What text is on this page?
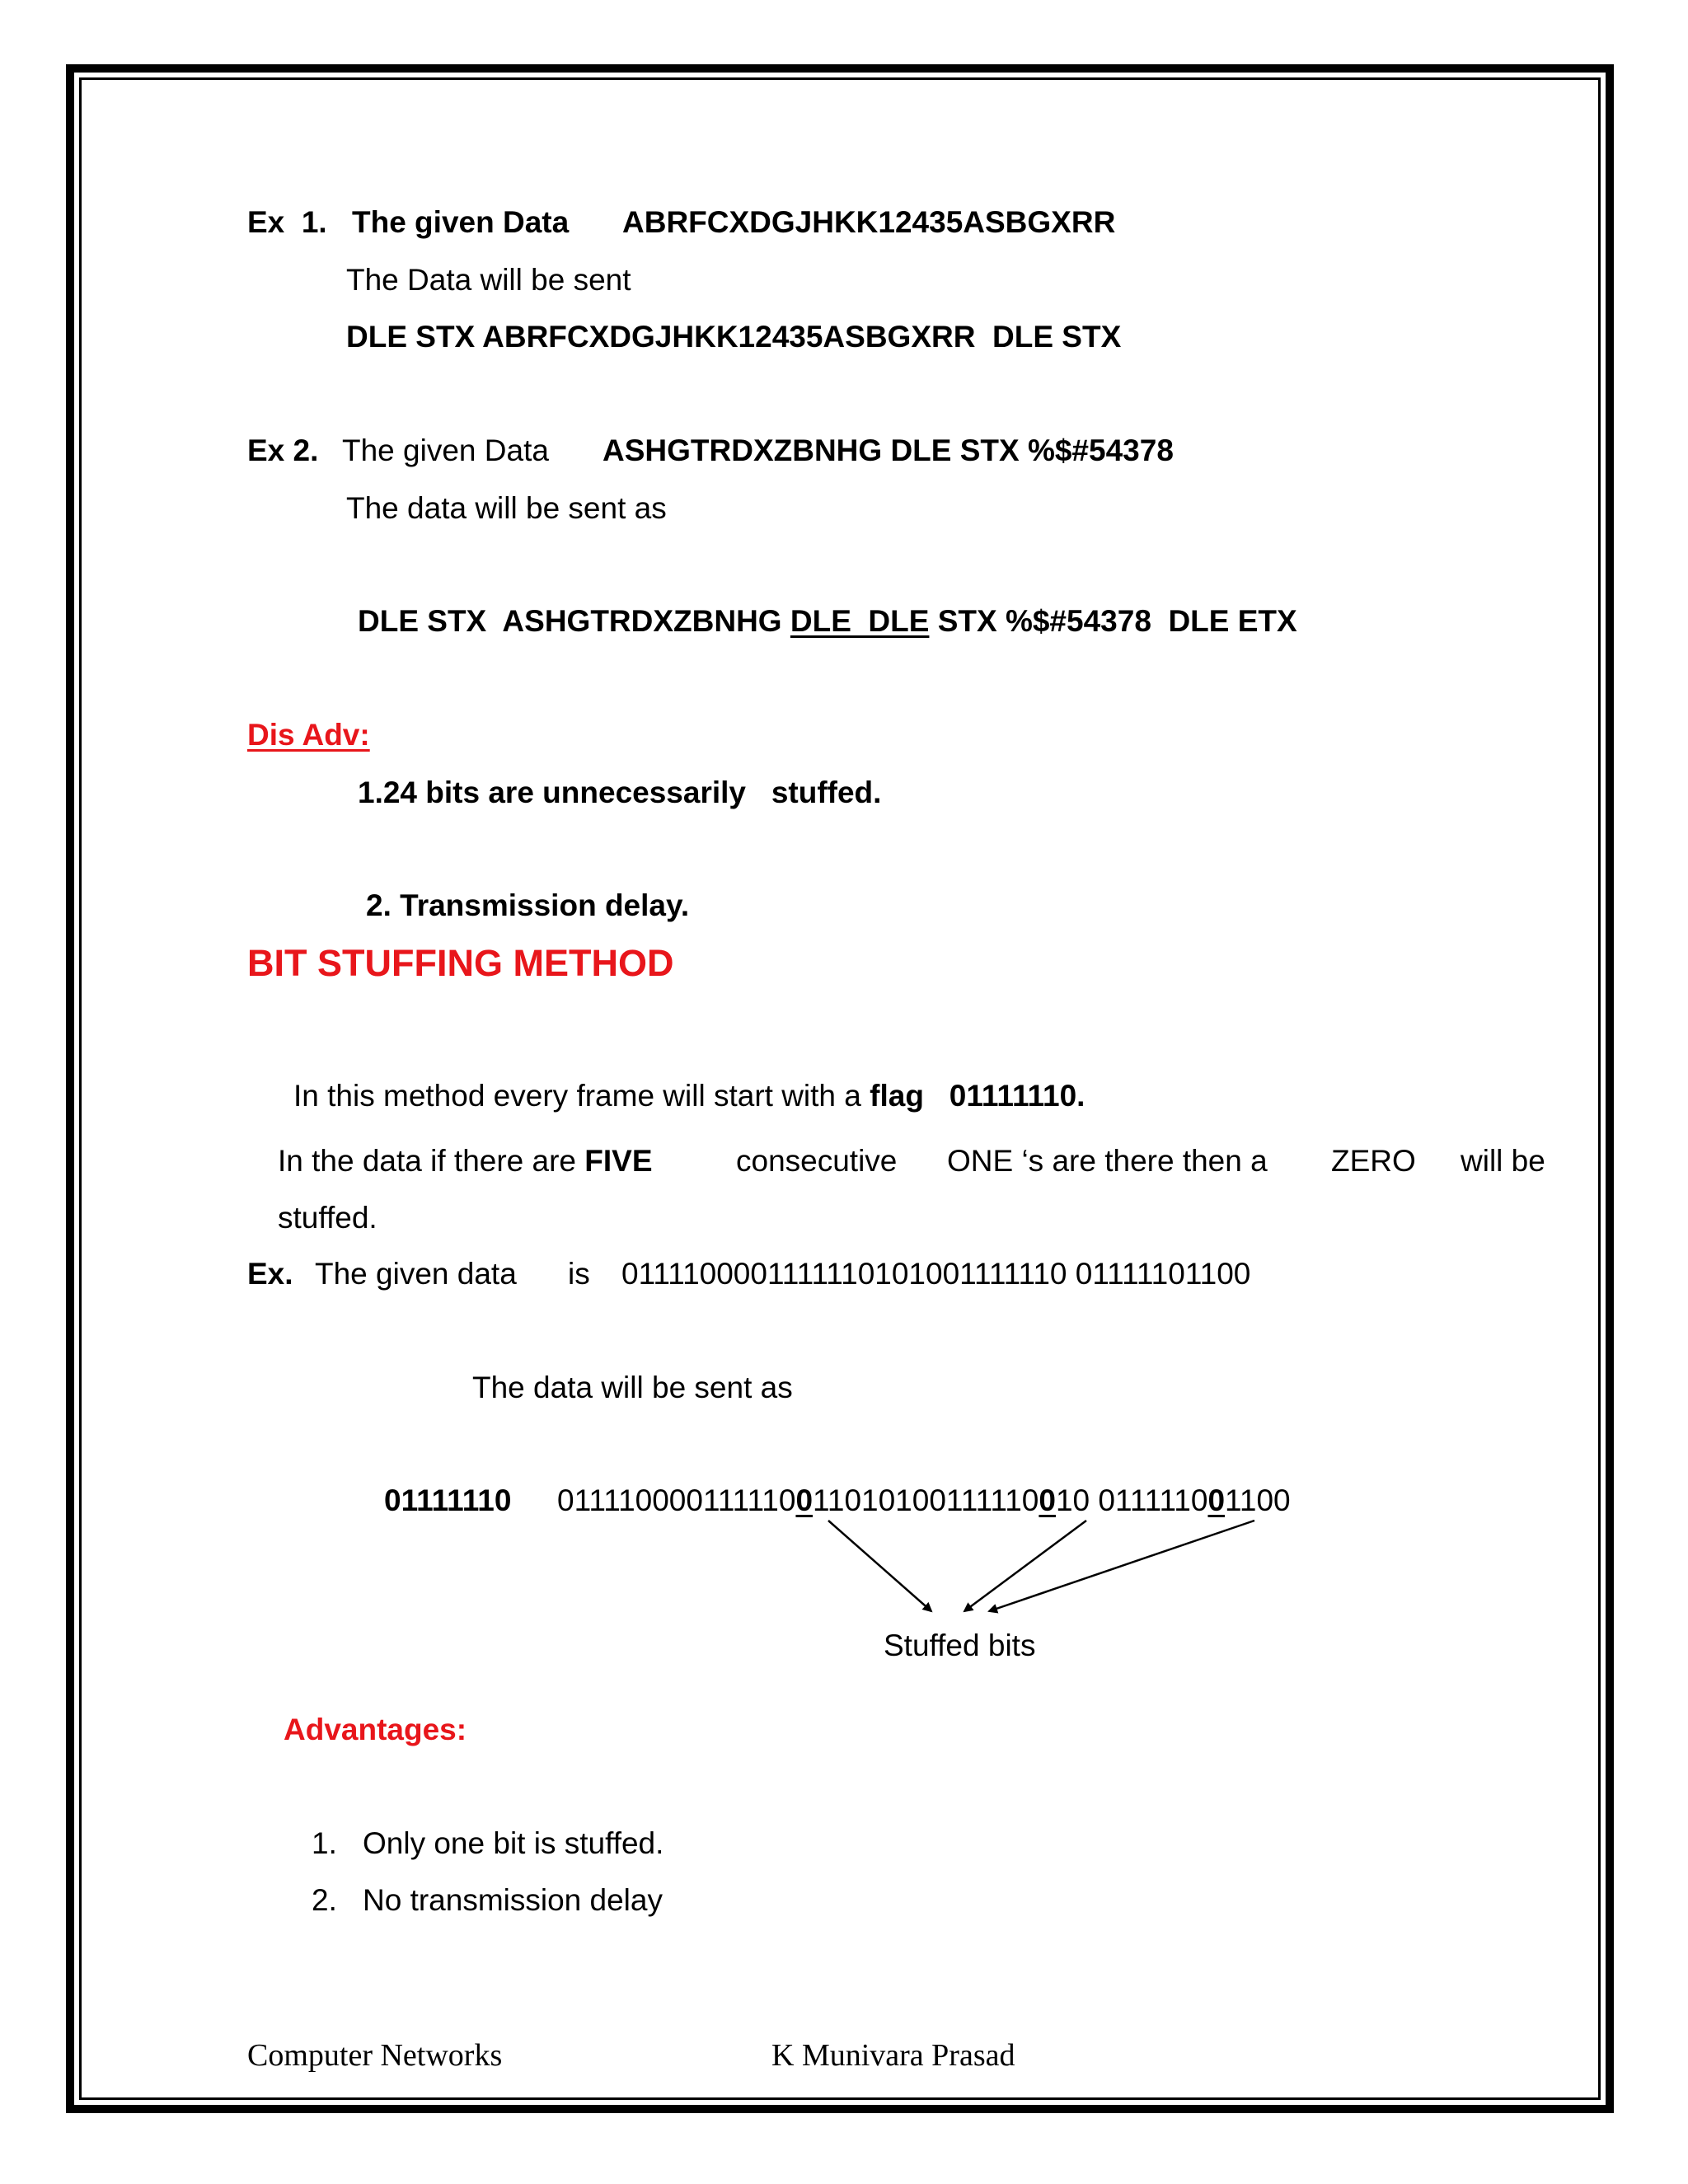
Ex  1. The given Data ABRFCXDGJHKK12435ASBGXRR
The Data will be sent
DLE STX ABRFCXDGJHKK12435ASBGXRR  DLE STX
Ex 2. The given Data ASHGTRDXZBNHG DLE STX %$#54378
The data will be sent as
DLE STX  ASHGTRDXZBNHG DLE  DLE STX %$#54378  DLE ETX
Dis Adv:
1.24 bits are unnecessarily   stuffed.
2. Transmission delay.
BIT STUFFING METHOD
In this method every frame will start with a flag 01111110.
In the data if there are FIVE	consecutive ONE ‘s are there then a ZERO will be
stuffed.
Ex. The given data is 0111100001111110101001111110 01111101100
The data will be sent as
01111110 011110000111110011010100111110010 011111001100
Stuffed bits
Advantages:
1. Only one bit is stuffed.
2. No transmission delay
Computer Networks	K Munivara Prasad
